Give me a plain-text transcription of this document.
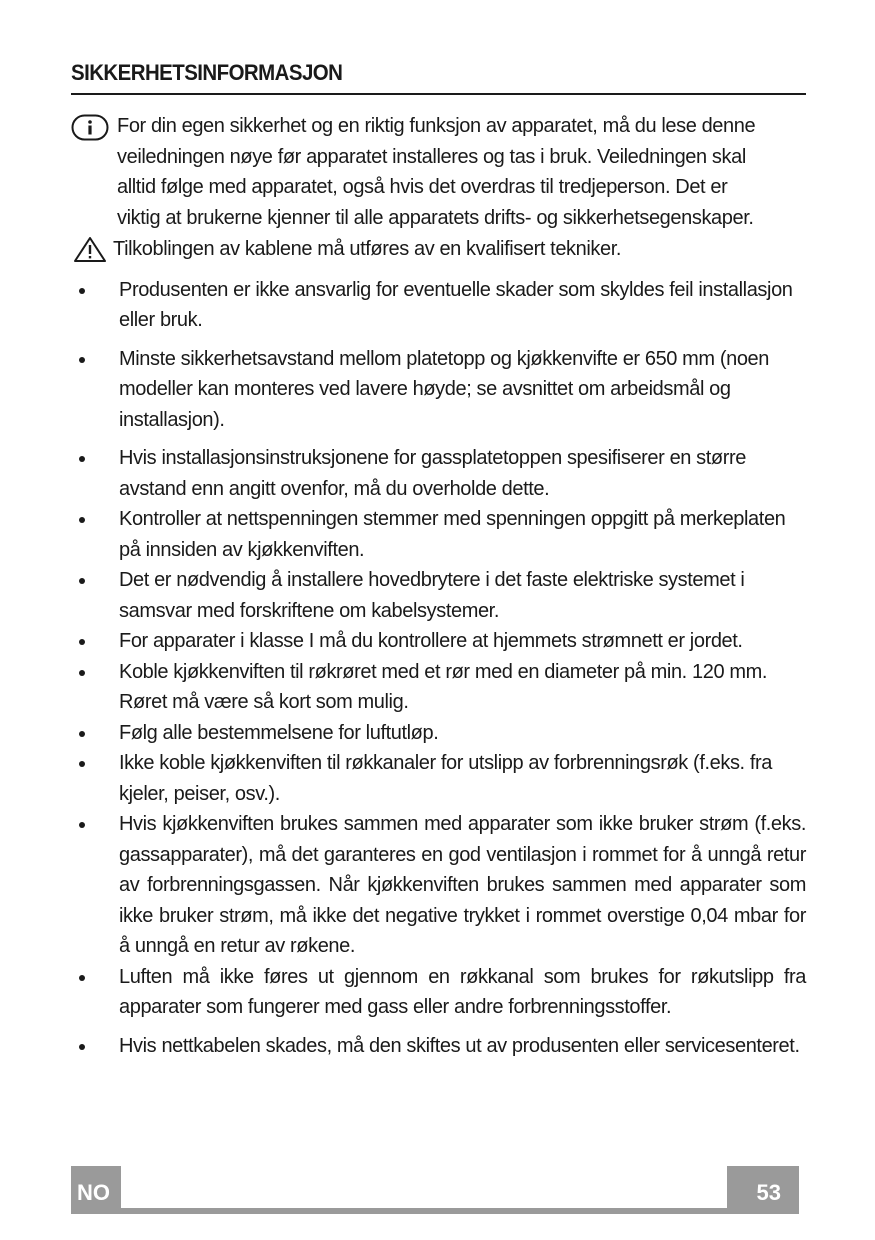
SIKKERHETSINFORMASJON
For din egen sikkerhet og en riktig funksjon av apparatet, må du lese denne veiledningen nøye før apparatet installeres og tas i bruk. Veiledningen skal alltid følge med apparatet, også hvis det overdras til tredjeperson. Det er viktig at brukerne kjenner til alle apparatets drifts- og sikkerhetsegenskaper.
Tilkoblingen av kablene må utføres av en kvalifisert tekniker.
Produsenten er ikke ansvarlig for eventuelle skader som skyldes feil installasjon eller bruk.
Minste sikkerhetsavstand mellom platetopp og kjøkkenvifte er 650 mm (noen modeller kan monteres ved lavere høyde; se avsnittet om arbeidsmål og installasjon).
Hvis installasjonsinstruksjonene for gassplatetoppen spesifiserer en større avstand enn angitt ovenfor, må du overholde dette.
Kontroller at nettspenningen stemmer med spenningen oppgitt på merkeplaten på innsiden av kjøkkenviften.
Det er nødvendig å installere hovedbrytere i det faste elektriske systemet i samsvar med forskriftene om kabelsystemer.
For apparater i klasse I må du kontrollere at hjemmets strømnett er jordet.
Koble kjøkkenviften til røkrøret med et rør med en diameter på min. 120 mm. Røret må være så kort som mulig.
Følg alle bestemmelsene for luftutløp.
Ikke koble kjøkkenviften til røkkanaler for utslipp av forbrenningsrøk (f.eks. fra kjeler, peiser, osv.).
Hvis kjøkkenviften brukes sammen med apparater som ikke bruker strøm (f.eks. gassapparater), må det garanteres en god ventilasjon i rommet for å unngå retur av forbrenningsgassen. Når kjøkkenviften brukes sammen med apparater som ikke bruker strøm, må ikke det negative trykket i rommet overstige 0,04 mbar for å unngå en retur av røkene.
Luften må ikke føres ut gjennom en røkkanal som brukes for røkutslipp fra apparater som fungerer med gass eller andre forbrenningsstoffer.
Hvis nettkabelen skades, må den skiftes ut av produsenten eller servicesenteret.
NO	53
